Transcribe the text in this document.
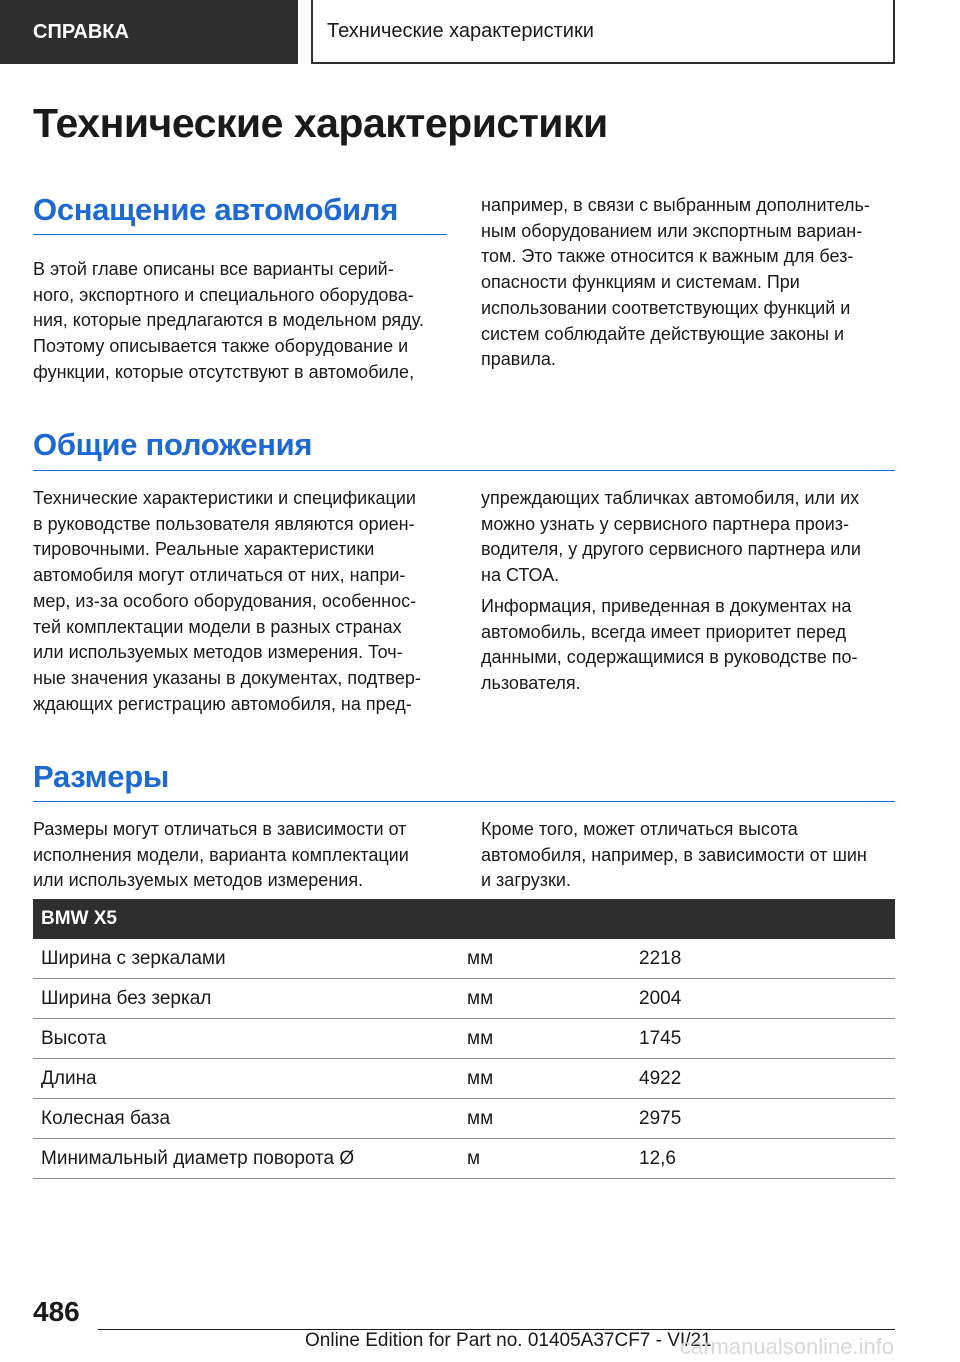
СПРАВКА	Технические характеристики
Технические характеристики
Оснащение автомобиля

В этой главе описаны все варианты серий-
ного, экспортного и специального оборудова-
ния, которые предлагаются в модельном ряду.
Поэтому описывается также оборудование и
функции, которые отсутствуют в автомобиле,

например, в связи с выбранным дополнитель-
ным оборудованием или экспортным вариан-
том. Это также относится к важным для без-
опасности функциям и системам. При
использовании соответствующих функций и
систем соблюдайте действующие законы и
правила.

Общие положения

Технические характеристики и спецификации
в руководстве пользователя являются ориен-
тировочными. Реальные характеристики
автомобиля могут отличаться от них, напри-
мер, из-за особого оборудования, особеннос-
тей комплектации модели в разных странах
или используемых методов измерения. Точ-
ные значения указаны в документах, подтвер-
ждающих регистрацию автомобиля, на пред-

упреждающих табличках автомобиля, или их
можно узнать у сервисного партнера произ-
водителя, у другого сервисного партнера или
на СТОА.

Информация, приведенная в документах на
автомобиль, всегда имеет приоритет перед
данными, содержащимися в руководстве по-
льзователя.

Размеры

Размеры могут отличаться в зависимости от
исполнения модели, варианта комплектации
или используемых методов измерения.

Кроме того, может отличаться высота
автомобиля, например, в зависимости от шин
и загрузки.

BMW X5		
Ширина с зеркалами	мм	2218
Ширина без зеркал	мм	2004
Высота	мм	1745
Длина	мм	4922
Колесная база	мм	2975
Минимальный диаметр поворота Ø	м	12,6
486
Online Edition for Part no. 01405A37CF7 - VI/21
carmanualsonline.info
